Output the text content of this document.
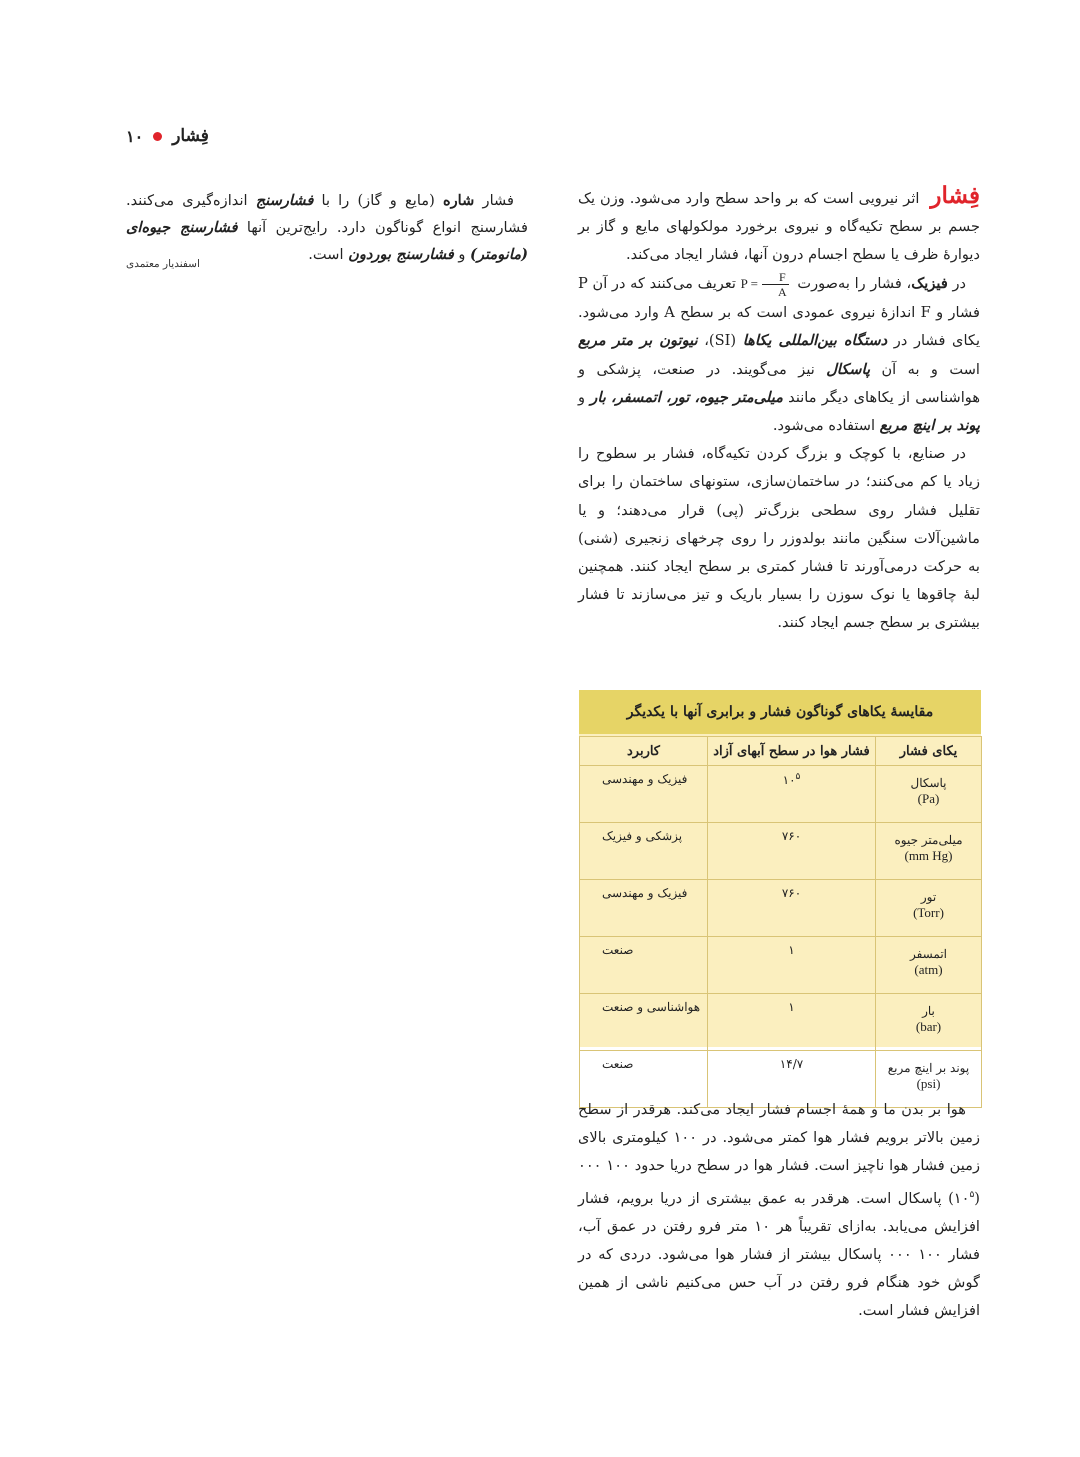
۱۰ فِشار

فِشار اثر نیرویی است که بر واحد سطح وارد می‌شود. وزن یک جسم بر سطح تکیه‌گاه و نیروی برخورد مولکولهای مایع و گاز بر دیوارهٔ ظرف یا سطح اجسام درون آنها، فشار ایجاد می‌کند.

در فیزیک، فشار را به‌صورت $P = \frac{F}{A}$
تعریف می‌کنند که در آن P فشار و F اندازهٔ نیروی عمودی است که بر سطح A وارد می‌شود. یکای فشار در دستگاه بین‌المللی یکاها (SI)، نیوتون بر متر مربع است و به آن پاسکال نیز می‌گویند. در صنعت، پزشکی و هواشناسی از یکاهای دیگر مانند میلی‌متر جیوه، تور، اتمسفر، بار و پوند بر اینچ مربع استفاده می‌شود.

در صنایع، با کوچک و بزرگ کردن تکیه‌گاه، فشار بر سطوح را زیاد یا کم می‌کنند؛ در ساختمان‌سازی، ستونهای ساختمان را برای تقلیل فشار روی سطحی بزرگ‌تر (پی) قرار می‌دهند؛ و یا ماشین‌آلات سنگین مانند بولدوزر را روی چرخهای زنجیری (شنی) به حرکت درمی‌آورند تا فشار کمتری بر سطح ایجاد کنند. همچنین لبهٔ چاقوها یا نوک سوزن را بسیار باریک و تیز می‌سازند تا فشار بیشتری بر سطح جسم ایجاد کنند.

فشار شاره (مایع و گاز) را با فشارسنج اندازه‌گیری می‌کنند. فشارسنج انواع گوناگون دارد. رایج‌ترین آنها فشارسنج جیوه‌ای (مانومتر) و فشارسنج بوردون است.

اسفندیار معتمدی
مقایسهٔ یکاهای گوناگون فشار و برابری آنها با یکدیگر
یکای فشار	فشار هوا در سطح آبهای آزاد	کاربرد

پاسکال
(Pa)	$۱۰^۵$	فیزیک و مهندسی

میلی‌متر جیوه
(mm Hg)	۷۶۰	پزشکی و فیزیک

تور
(Torr)	۷۶۰	فیزیک و مهندسی

اتمسفر
(atm)	۱	صنعت

بار
(bar)	۱	هواشناسی و صنعت

پوند بر اینچ مربع
(psi)	۱۴/۷	صنعت

هوا بر بدن ما و همهٔ اجسام فشار ایجاد می‌کند. هرقدر از سطح زمین بالاتر برویم فشار هوا کمتر می‌شود. در ۱۰۰ کیلومتری بالای زمین فشار هوا ناچیز است. فشار هوا در سطح دریا حدود ۱۰۰ ۰۰۰ $(۱۰^۵)$ پاسکال است. هرقدر به عمق بیشتری از دریا برویم، فشار افزایش می‌یابد. به‌ازای تقریباً هر ۱۰ متر فرو رفتن در عمق آب، فشار ۱۰۰ ۰۰۰ پاسکال بیشتر از فشار هوا می‌شود. دردی که در گوش خود هنگام فرو رفتن در آب حس می‌کنیم ناشی از همین افزایش فشار است.
